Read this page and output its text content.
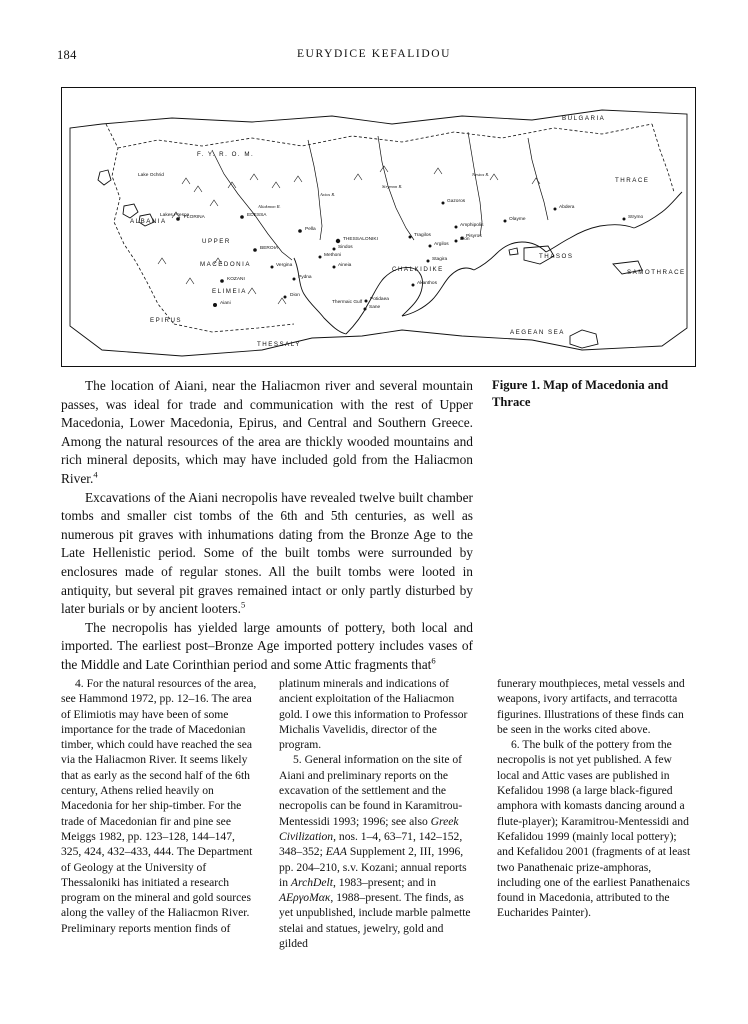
184	EURYDICE KEFALIDOU
BULGARIA
F. Y. R. O. M.
THRACE
ALBANIA
UPPER
MACEDONIA
CHALKIDIKE
ELIMEIA
EPIRUS
THESSALY
AEGEAN SEA
THASOS
SAMOTHRACE
Lake Ochrid
Lakes Prespa
FLORINA	EDESSA
Pella
THESSALONIKI
BEROIA	Sindos
Vergina
Methoni
Aineia
KOZANI	Pydna
Aiani
Dion
Thermaic Gulf
Potidaea
Sane
Akanthos
Stagira
Argilos
Tragilos
Amphipolis
Eion
Pisyros
Gazoros
Abdera
Olayme	Strymo
Aliakmon R.
Axios R.
Strymon R.
Nestos R.
Figure 1. Map of Macedonia and Thrace

The location of Aiani, near the Haliacmon river and several mountain passes, was ideal for trade and communication with the rest of Upper Macedonia, Lower Macedonia, Epirus, and Central and Southern Greece. Among the natural resources of the area are thickly wooded mountains and rich mineral deposits, which may have included gold from the Haliacmon River.$^4$

Excavations of the Aiani necropolis have revealed twelve built chamber tombs and smaller cist tombs of the 6th and 5th centuries, as well as numerous pit graves with inhumations dating from the Bronze Age to the Late Hellenistic period. Some of the built tombs were surrounded by enclosures made of regular stones. All the built tombs were looted in antiquity, but several pit graves remained intact or only partly disturbed by later burials or by ancient looters.$^5$

The necropolis has yielded large amounts of pottery, both local and imported. The earliest post–Bronze Age imported pottery includes vases of the Middle and Late Corinthian period and some Attic fragments that$^6$

4. For the natural resources of the area, see Hammond 1972, pp. 12–16. The area of Elimiotis may have been of some importance for the trade of Macedonian timber, which could have reached the sea via the Haliacmon River. It seems likely that as early as the second half of the 6th century, Athens relied heavily on Macedonia for her ship-timber. For the trade of Macedonian fir and pine see Meiggs 1982, pp. 123–128, 144–147, 325, 424, 432–433, 444. The Department of Geology at the University of Thessaloniki has initiated a research program on the mineral and gold sources along the valley of the Haliacmon River. Preliminary reports mention finds of

platinum minerals and indications of ancient exploitation of the Haliacmon gold. I owe this information to Professor Michalis Vavelidis, director of the program.

5. General information on the site of Aiani and preliminary reports on the excavation of the settlement and the necropolis can be found in Karamitrou-Mentessidi 1993; 1996; see also Greek Civilization, nos. 1–4, 63–71, 142–152, 348–352; EAA Supplement 2, III, 1996, pp. 204–210, s.v. Kozani; annual reports in ArchDelt, 1983–present; and in ΑΕργοΜακ, 1988–present. The finds, as yet unpublished, include marble palmette stelai and statues, jewelry, gold and gilded

funerary mouthpieces, metal vessels and weapons, ivory artifacts, and terracotta figurines. Illustrations of these finds can be seen in the works cited above.

6. The bulk of the pottery from the necropolis is not yet published. A few local and Attic vases are published in Kefalidou 1998 (a large black-figured amphora with komasts dancing around a flute-player); Karamitrou-Mentessidi and Kefalidou 1999 (mainly local pottery); and Kefalidou 2001 (fragments of at least two Panathenaic prize-amphoras, including one of the earliest Panathenaics found in Macedonia, attributed to the Eucharides Painter).
